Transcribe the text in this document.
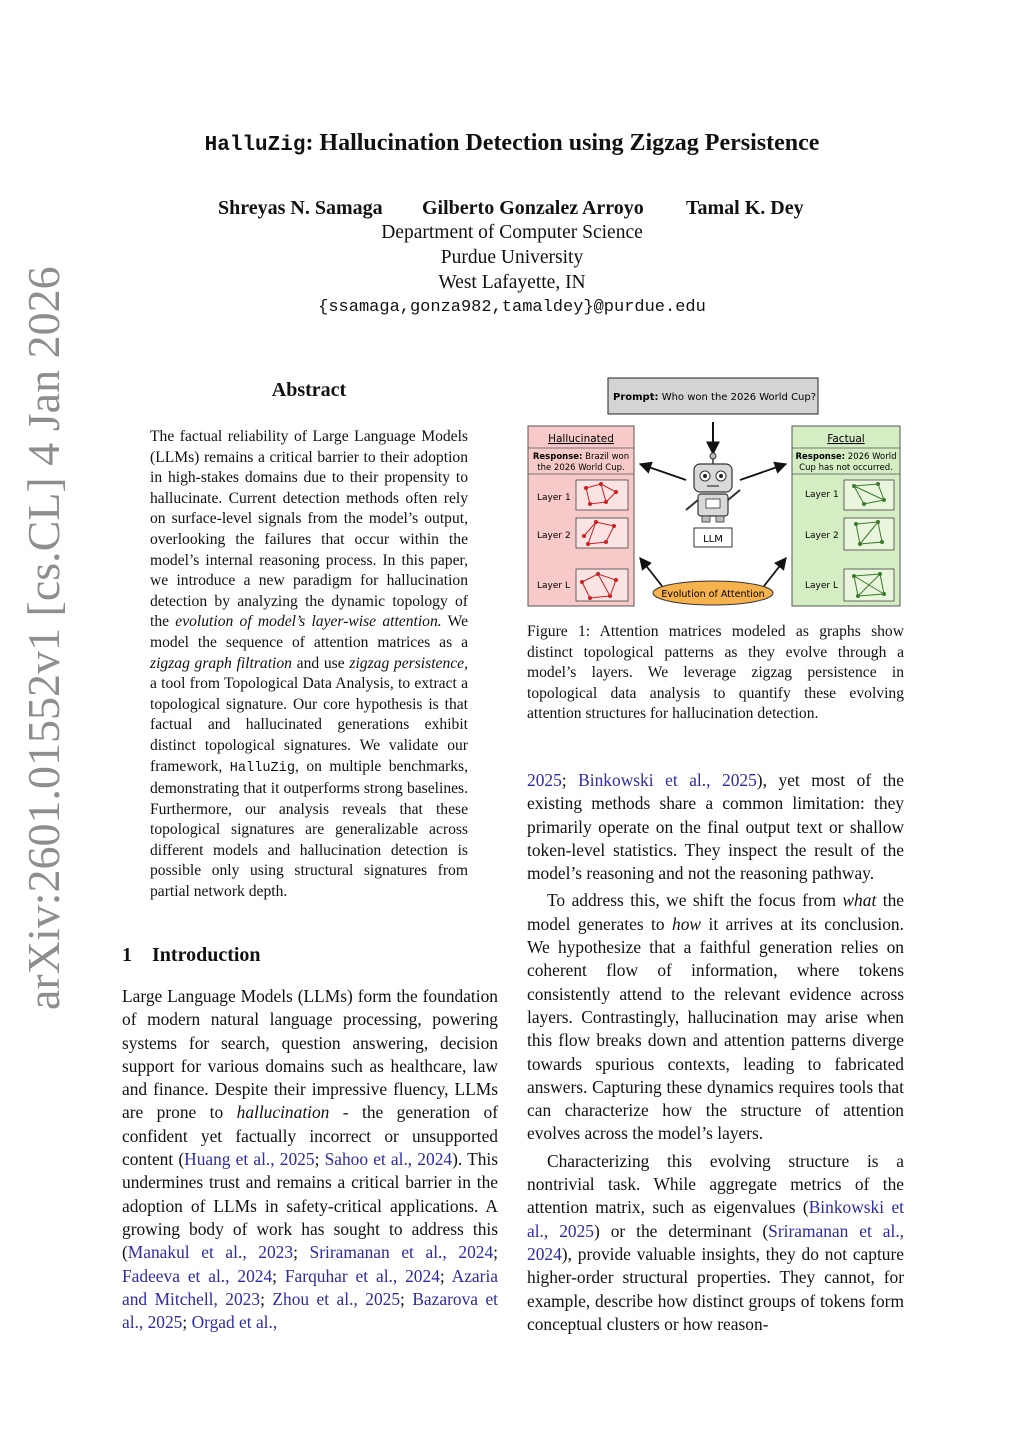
arXiv:2601.01552v1 [cs.CL] 4 Jan 2026
HalluZig: Hallucination Detection using Zigzag Persistence
Shreyas N. Samaga Gilberto Gonzalez Arroyo Tamal K. Dey
Department of Computer Science
Purdue University
West Lafayette, IN
{ssamaga,gonza982,tamaldey}@purdue.edu
Abstract
The factual reliability of Large Language Models (LLMs) remains a critical barrier to their adoption in high-stakes domains due to their propensity to hallucinate. Current detection methods often rely on surface-level signals from the model’s output, overlooking the failures that occur within the model’s internal reasoning process. In this paper, we introduce a new paradigm for hallucination detection by analyzing the dynamic topology of the evolution of model’s layer-wise attention. We model the sequence of attention matrices as a zigzag graph filtration and use zigzag persistence, a tool from Topological Data Analysis, to extract a topological signature. Our core hypothesis is that factual and hallucinated generations exhibit distinct topological signatures. We validate our framework, HalluZig, on multiple benchmarks, demonstrating that it outperforms strong baselines. Furthermore, our analysis reveals that these topological signatures are generalizable across different models and hallucination detection is possible only using structural signatures from partial network depth.
1 Introduction
Large Language Models (LLMs) form the foundation of modern natural language processing, powering systems for search, question answering, decision support for various domains such as healthcare, law and finance. Despite their impressive fluency, LLMs are prone to hallucination - the generation of confident yet factually incorrect or unsupported content (Huang et al., 2025; Sahoo et al., 2024). This undermines trust and remains a critical barrier in the adoption of LLMs in safety-critical applications. A growing body of work has sought to address this (Manakul et al., 2023; Sriramanan et al., 2024; Fadeeva et al., 2024; Farquhar et al., 2024; Azaria and Mitchell, 2023; Zhou et al., 2025; Bazarova et al., 2025; Orgad et al.,
Prompt: Who won the 2026 World Cup?
Hallucinated
Response: Brazil won
the 2026 World Cup.
Layer 1
Layer 2
Layer L
Factual
Response: 2026 World
Cup has not occurred.
Layer 1
Layer 2
Layer L
LLM
Evolution of Attention
Figure 1: Attention matrices modeled as graphs show distinct topological patterns as they evolve through a model’s layers. We leverage zigzag persistence in topological data analysis to quantify these evolving attention structures for hallucination detection.

2025; Binkowski et al., 2025), yet most of the existing methods share a common limitation: they primarily operate on the final output text or shallow token-level statistics. They inspect the result of the model’s reasoning and not the reasoning pathway.

To address this, we shift the focus from what the model generates to how it arrives at its conclusion. We hypothesize that a faithful generation relies on coherent flow of information, where tokens consistently attend to the relevant evidence across layers. Contrastingly, hallucination may arise when this flow breaks down and attention patterns diverge towards spurious contexts, leading to fabricated answers. Capturing these dynamics requires tools that can characterize how the structure of attention evolves across the model’s layers.

Characterizing this evolving structure is a nontrivial task. While aggregate metrics of the attention matrix, such as eigenvalues (Binkowski et al., 2025) or the determinant (Sriramanan et al., 2024), provide valuable insights, they do not capture higher-order structural properties. They cannot, for example, describe how distinct groups of tokens form conceptual clusters or how reason-
